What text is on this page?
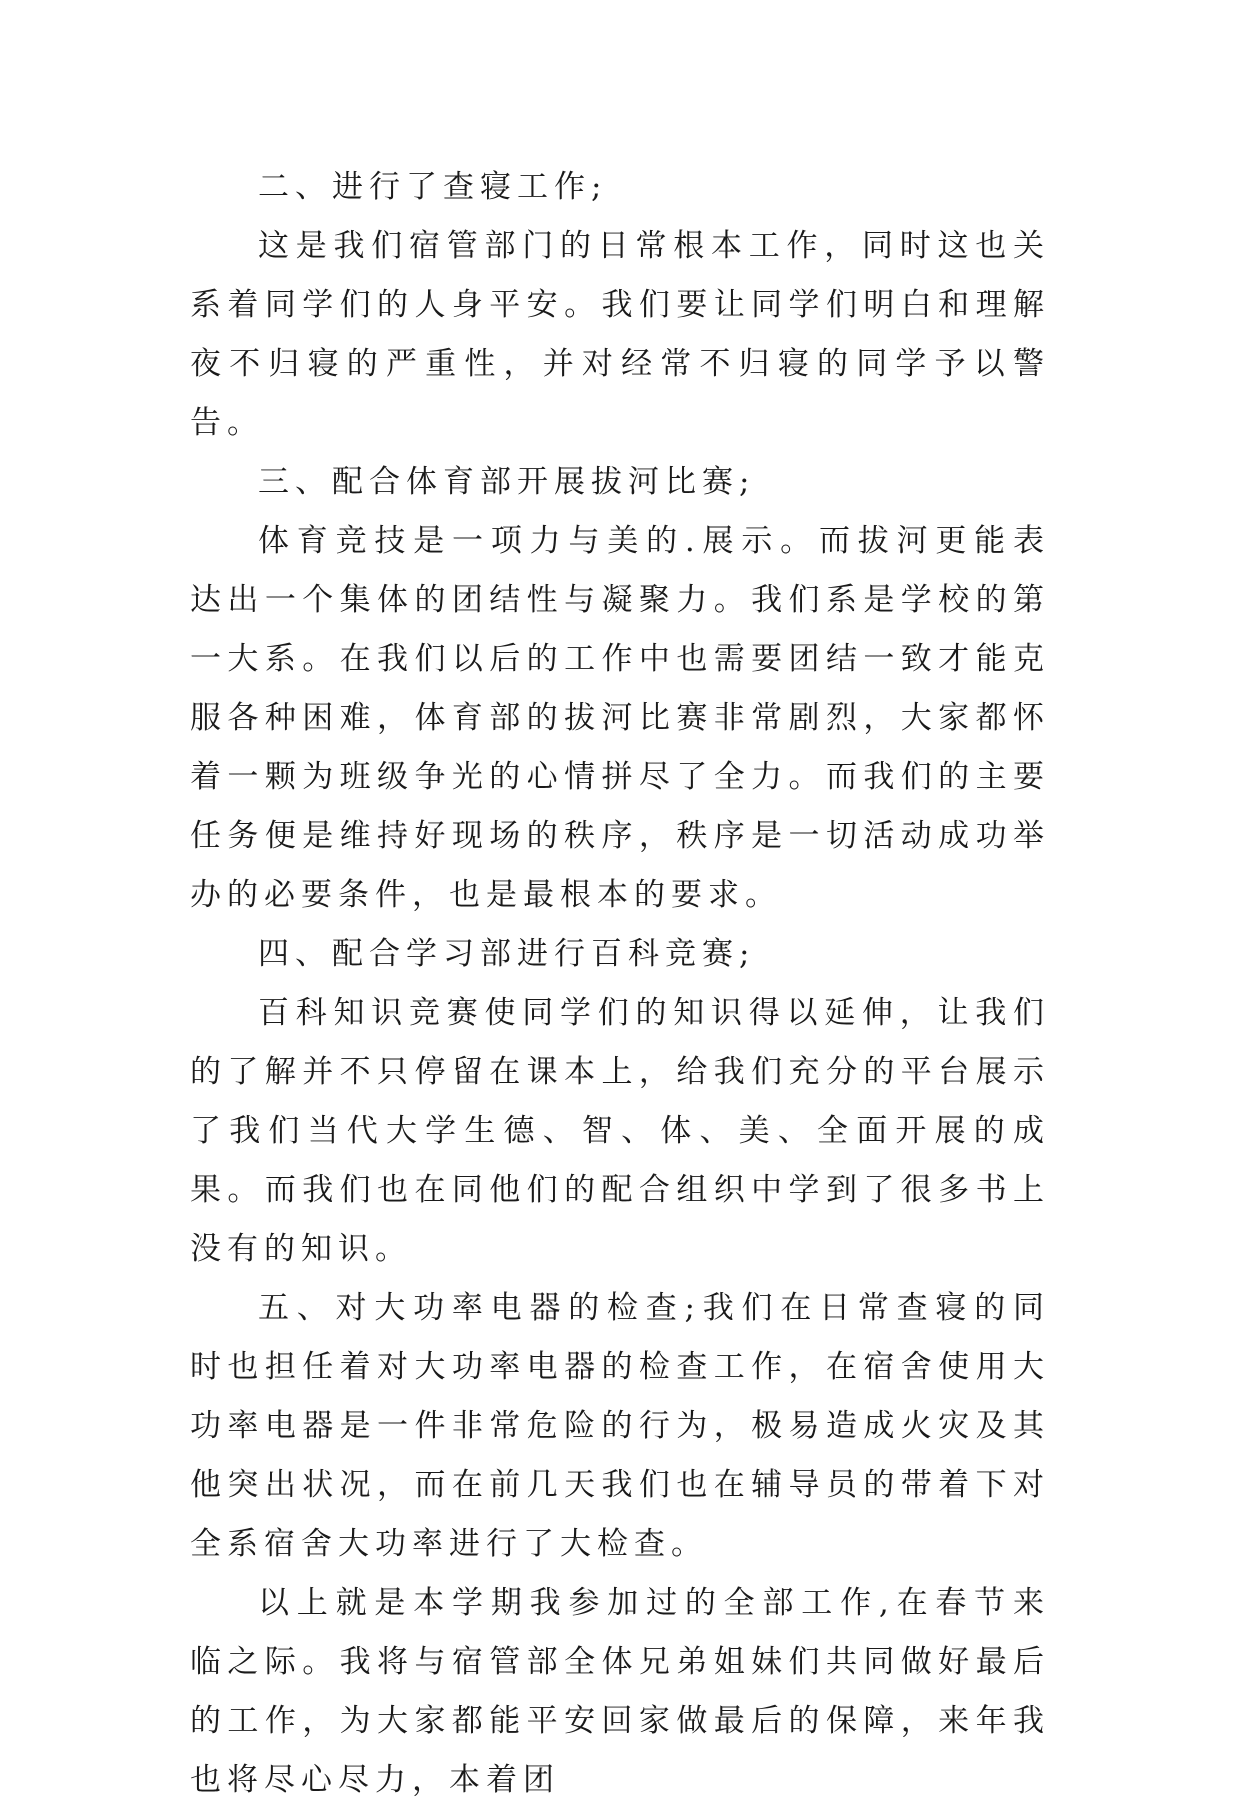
二、进行了查寝工作;

这是我们宿管部门的日常根本工作，同时这也关系着同学们的人身平安。我们要让同学们明白和理解夜不归寝的严重性，并对经常不归寝的同学予以警告。

三、配合体育部开展拔河比赛;

体育竞技是一项力与美的.展示。而拔河更能表达出一个集体的团结性与凝聚力。我们系是学校的第一大系。在我们以后的工作中也需要团结一致才能克服各种困难，体育部的拔河比赛非常剧烈，大家都怀着一颗为班级争光的心情拼尽了全力。而我们的主要任务便是维持好现场的秩序，秩序是一切活动成功举办的必要条件，也是最根本的要求。

四、配合学习部进行百科竞赛;

百科知识竞赛使同学们的知识得以延伸，让我们的了解并不只停留在课本上，给我们充分的平台展示了我们当代大学生德、智、体、美、全面开展的成果。而我们也在同他们的配合组织中学到了很多书上没有的知识。

五、对大功率电器的检查;我们在日常查寝的同时也担任着对大功率电器的检查工作，在宿舍使用大功率电器是一件非常危险的行为，极易造成火灾及其他突出状况，而在前几天我们也在辅导员的带着下对全系宿舍大功率进行了大检查。

以上就是本学期我参加过的全部工作,在春节来临之际。我将与宿管部全体兄弟姐妹们共同做好最后的工作，为大家都能平安回家做最后的保障，来年我也将尽心尽力，本着团
